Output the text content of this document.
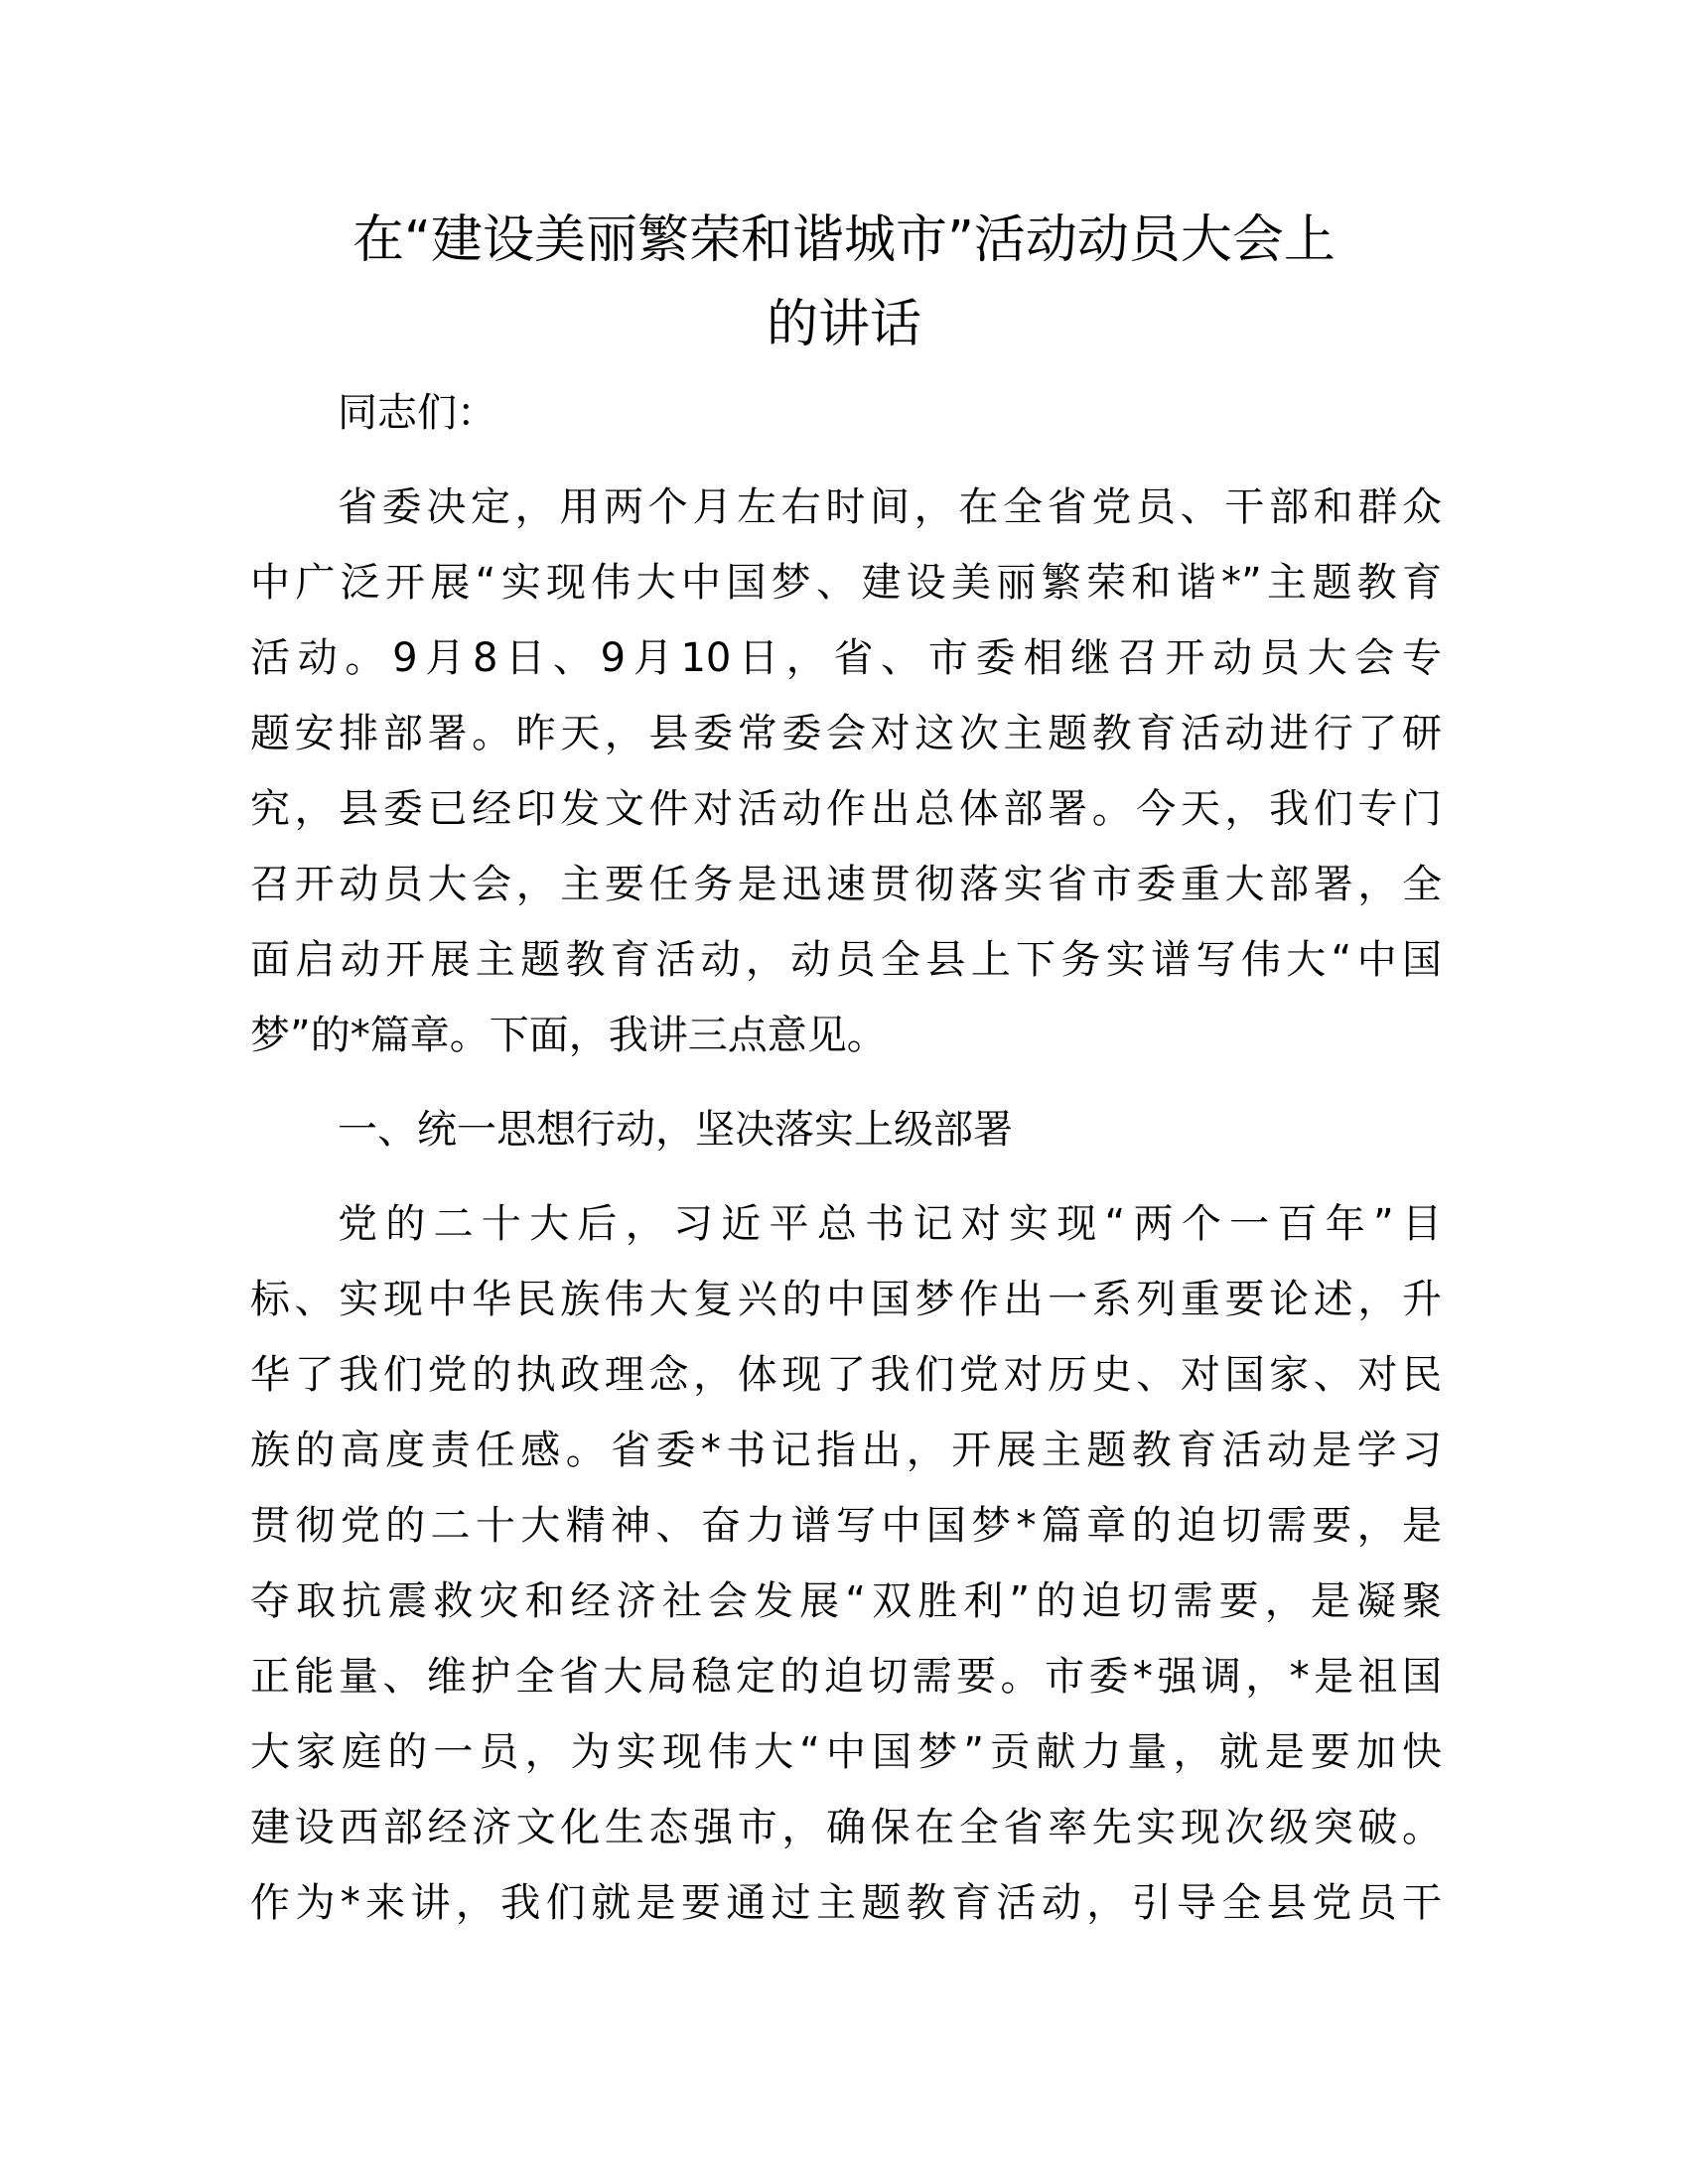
在“建设美丽繁荣和谐城市”活动动员大会上
的讲话

同志们：

省委决定，用两个月左右时间，在全省党员、干部和群众
中广泛开展“实现伟大中国梦、建设美丽繁荣和谐*”主题教育
活动。9月8日、9月10日，省、市委相继召开动员大会专
题安排部署。昨天，县委常委会对这次主题教育活动进行了研
究，县委已经印发文件对活动作出总体部署。今天，我们专门
召开动员大会，主要任务是迅速贯彻落实省市委重大部署，全
面启动开展主题教育活动，动员全县上下务实谱写伟大“中国
梦”的*篇章。下面，我讲三点意见。

一、统一思想行动，坚决落实上级部署

党的二十大后，习近平总书记对实现“两个一百年”目
标、实现中华民族伟大复兴的中国梦作出一系列重要论述，升
华了我们党的执政理念，体现了我们党对历史、对国家、对民
族的高度责任感。省委*书记指出，开展主题教育活动是学习
贯彻党的二十大精神、奋力谱写中国梦*篇章的迫切需要，是
夺取抗震救灾和经济社会发展“双胜利”的迫切需要，是凝聚
正能量、维护全省大局稳定的迫切需要。市委*强调，*是祖国
大家庭的一员，为实现伟大“中国梦”贡献力量，就是要加快
建设西部经济文化生态强市，确保在全省率先实现次级突破。
作为*来讲，我们就是要通过主题教育活动，引导全县党员干
